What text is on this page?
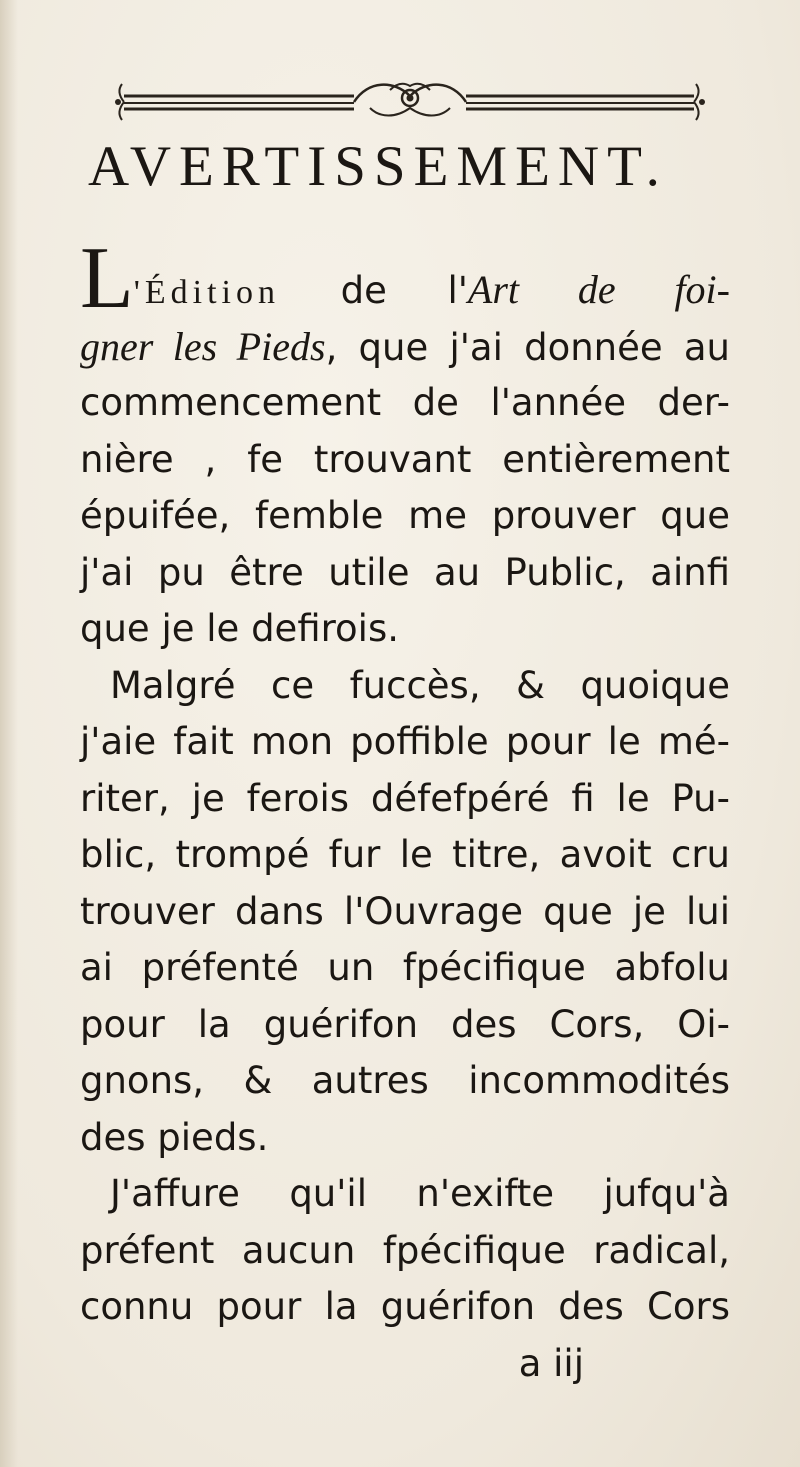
AVERTISSEMENT.
L'Édition de l'Art de foi-
gner les Pieds, que j'ai donnée au
commencement de l'année der-
nière , fe trouvant entièrement
épuifée, femble me prouver que
j'ai pu être utile au Public, ainfi
que je le defirois.
Malgré ce fuccès, & quoique
j'aie fait mon poffible pour le mé-
riter, je ferois défefpéré fi le Pu-
blic, trompé fur le titre, avoit cru
trouver dans l'Ouvrage que je lui
ai préfenté un fpécifique abfolu
pour la guérifon des Cors, Oi-
gnons, & autres incommodités
des pieds.
J'affure qu'il n'exifte jufqu'à
préfent aucun fpécifique radical,
connu pour la guérifon des Cors
a iij
